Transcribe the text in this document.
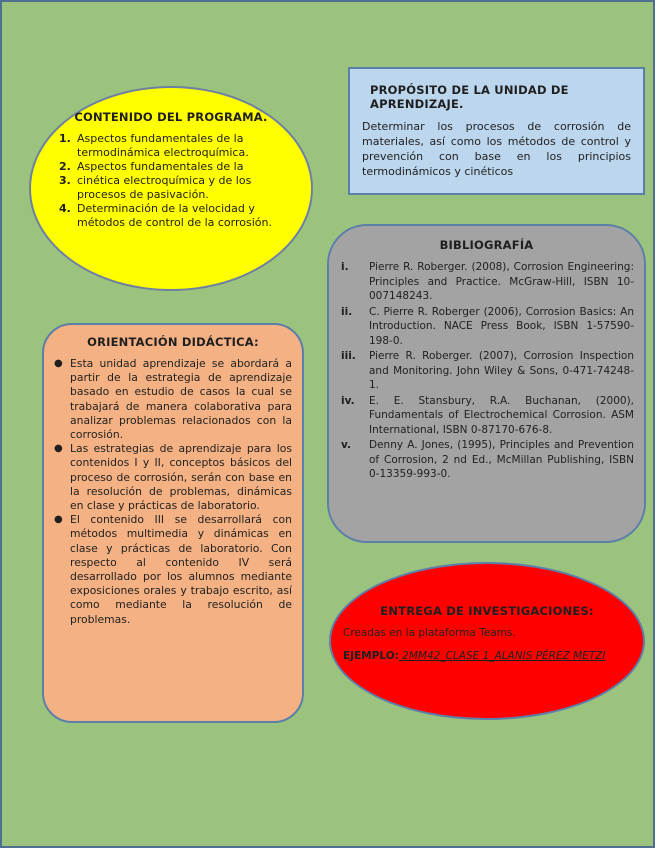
CONTENIDO DEL PROGRAMA.
1. Aspectos fundamentales de la termodinámica electroquímica.
2. Aspectos fundamentales de la
3. cinética electroquímica y de los procesos de pasivación.
4. Determinación de la velocidad y métodos de control de la corrosión.
PROPÓSITO DE LA UNIDAD DE APRENDIZAJE.
Determinar los procesos de corrosión de materiales, así como los métodos de control y prevención con base en los principios termodinámicos y cinéticos
BIBLIOGRAFÍA
i.	Pierre R. Roberger. (2008), Corrosion Engineering: Principles and Practice. McGraw-Hill, ISBN 10-007148243.
ii.	C. Pierre R. Roberger (2006), Corrosion Basics: An Introduction. NACE Press Book, ISBN 1-57590-198-0.
iii.	Pierre R. Roberger. (2007), Corrosion Inspection and Monitoring. John Wiley & Sons, 0-471-74248-1.
iv.	E. E. Stansbury, R.A. Buchanan, (2000), Fundamentals of Electrochemical Corrosion. ASM International, ISBN 0-87170-676-8.
v.	Denny A. Jones, (1995), Principles and Prevention of Corrosion, 2 nd Ed., McMillan Publishing, ISBN 0-13359-993-0.
ORIENTACIÓN DIDÁCTICA:
● Esta unidad aprendizaje se abordará a partir de la estrategia de aprendizaje basado en estudio de casos la cual se trabajará de manera colaborativa para analizar problemas relacionados con la corrosión.
● Las estrategias de aprendizaje para los contenidos I y II, conceptos básicos del proceso de corrosión, serán con base en la resolución de problemas, dinámicas en clase y prácticas de laboratorio.
● El contenido III se desarrollará con métodos multimedia y dinámicas en clase y prácticas de laboratorio. Con respecto al contenido IV será desarrollado por los alumnos mediante exposiciones orales y trabajo escrito, así como mediante la resolución de problemas.
ENTREGA DE INVESTIGACIONES:
Creadas en la plataforma Teams.
EJEMPLO: 2MM42_CLASE 1_ALANIS PÉREZ METZI
